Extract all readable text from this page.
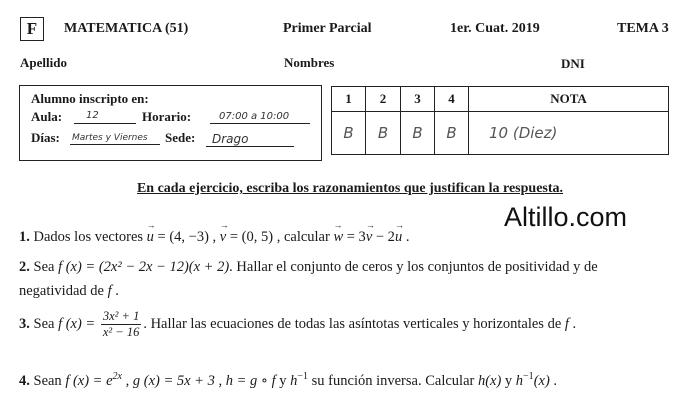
F	MATEMATICA (51)	Primer Parcial	1er. Cuat. 2019	TEMA 3
Apellido	Nombres	DNI
Alumno inscripto en:
Aula: 12	Horario:	07:00 a 10:00
Días: Martes y Viernes Sede: Drago
1	2	3	4	NOTA
B	B	B	B	10 (Diez)
En cada ejercicio, escriba los razonamientos que justifican la respuesta.
Altillo.com
1. Dados los vectores → u = (4, −3) , → v = (0, 5) , calcular → w = 3→ v − 2→ u .
2. Sea f (x) = (2x² − 2x − 12)(x + 2). Hallar el conjunto de ceros y los conjuntos de positividad y de
negatividad de f .
3. Sea f $(x) = \frac{\text{3x² + 1}}{\text{x² − 16}}$ . Hallar las ecuaciones de todas las asíntotas verticales y horizontales de f .
4. Sean f $(x) = e^{2x}$ , g (x) = 5x + 3 , h = g ∘ f y $h^{-1}$ su función inversa. Calcular h(x) y $h^{-1}(x)$ .
